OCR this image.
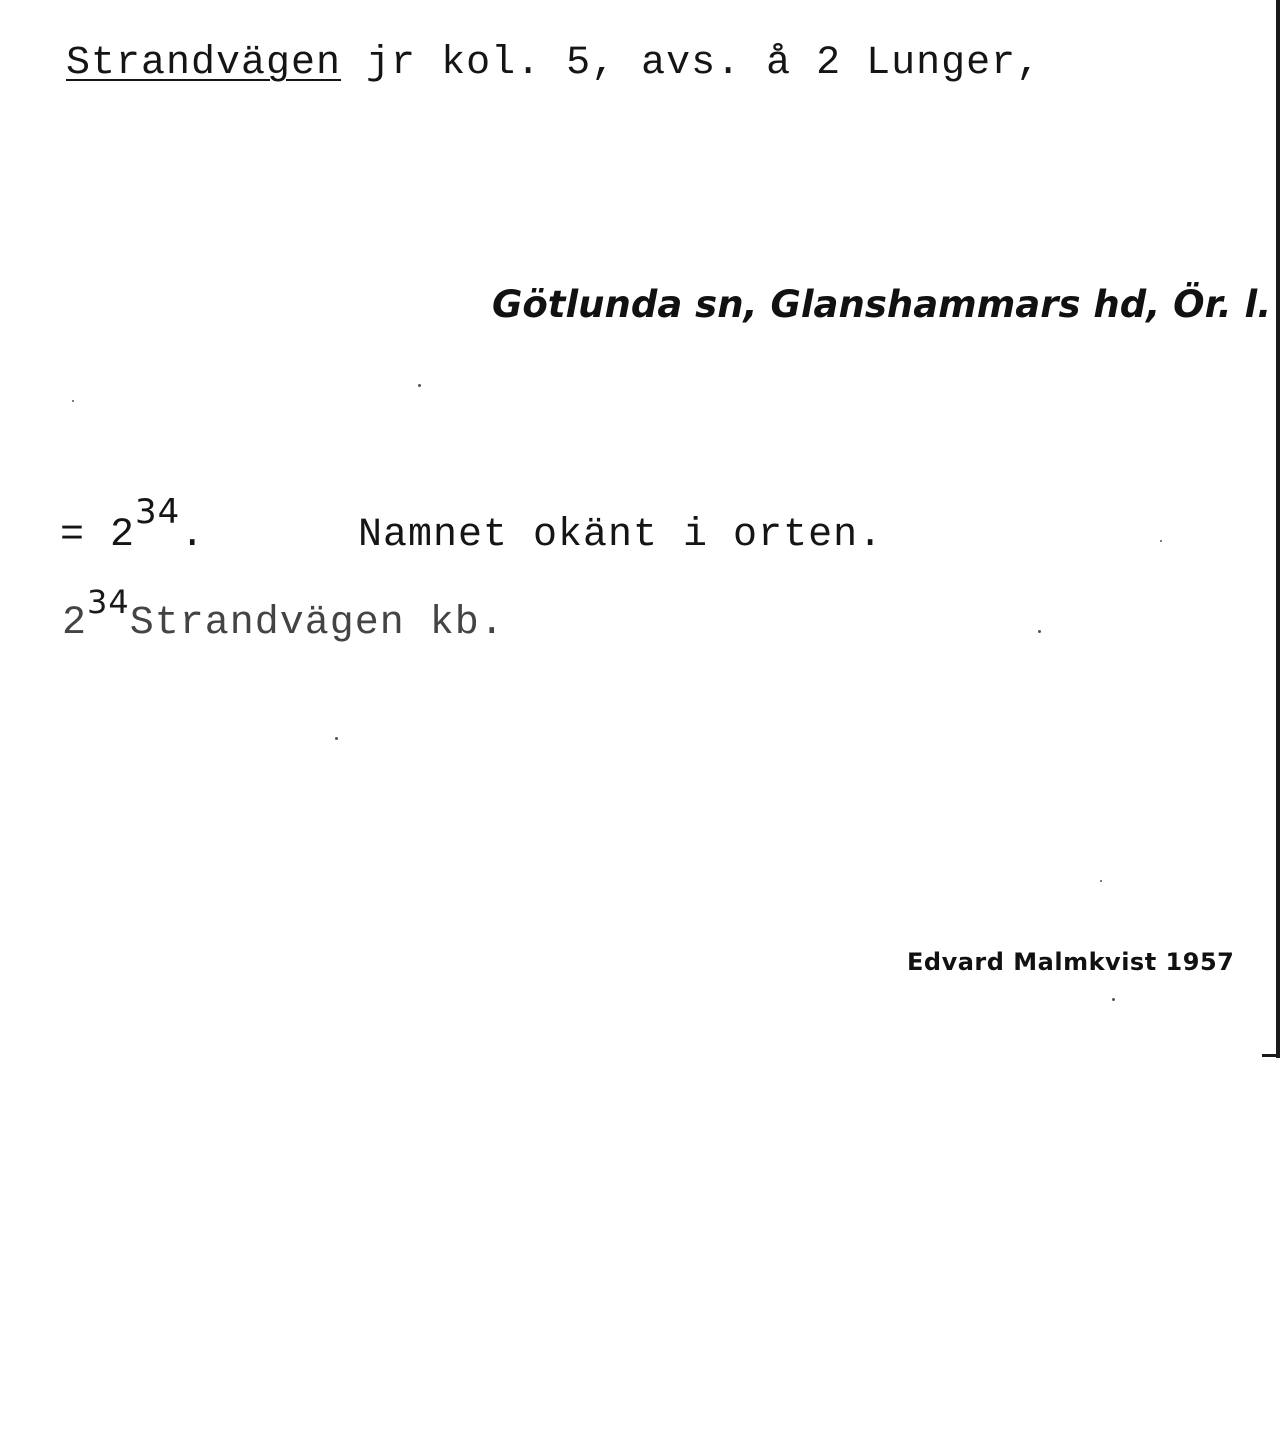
Strandvägen jr kol. 5, avs. å 2 Lunger,
Götlunda sn, Glanshammars hd, Ör. l.
= $2^{34}$.	Namnet okänt i orten.
$2^{34}Strandvägen$ kb.
Edvard Malmkvist 1957
